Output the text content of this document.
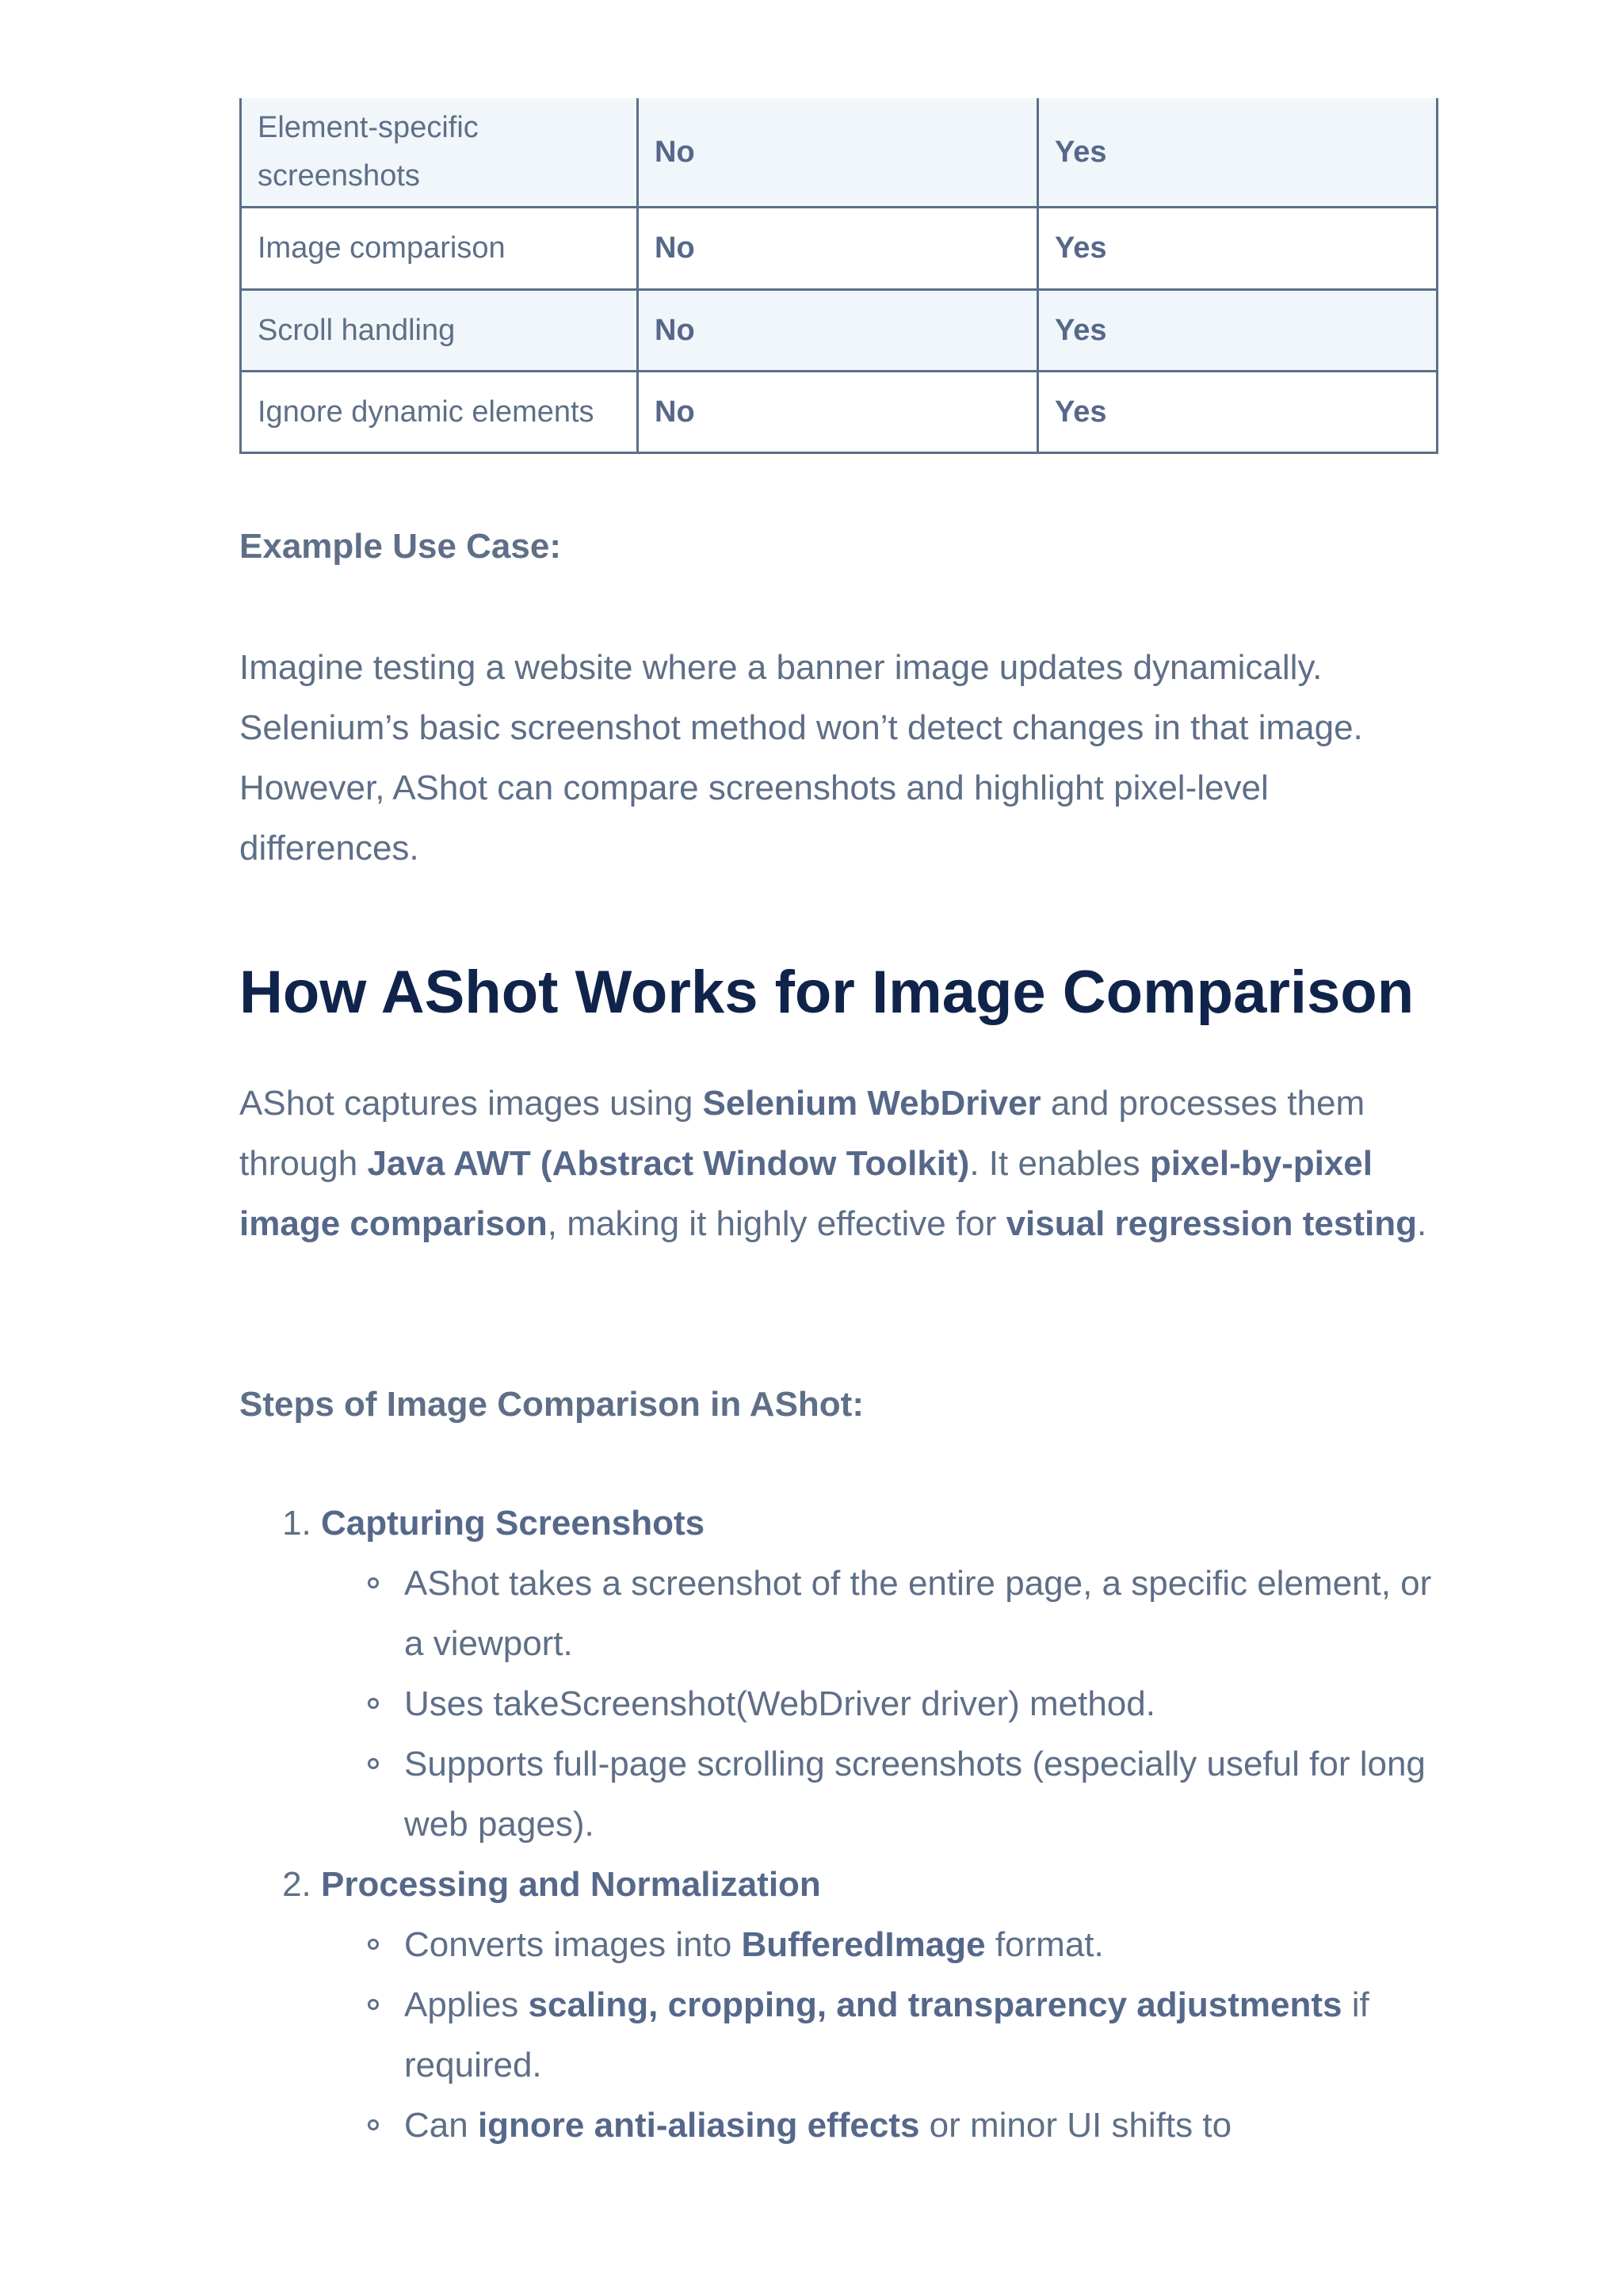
Element-specific screenshots	No	Yes
Image comparison	No	Yes
Scroll handling	No	Yes
Ignore dynamic elements	No	Yes
Example Use Case:
Imagine testing a website where a banner image updates dynamically. Selenium’s basic screenshot method won’t detect changes in that image. However, AShot can compare screenshots and highlight pixel-level differences.
How AShot Works for Image Comparison
AShot captures images using Selenium WebDriver and processes them through Java AWT (Abstract Window Toolkit). It enables pixel-by-pixel image comparison, making it highly effective for visual regression testing.
Steps of Image Comparison in AShot:
1. Capturing Screenshots
AShot takes a screenshot of the entire page, a specific element, or a viewport.
Uses takeScreenshot(WebDriver driver) method.
Supports full-page scrolling screenshots (especially useful for long web pages).
2. Processing and Normalization
Converts images into BufferedImage format.
Applies scaling, cropping, and transparency adjustments if required.
Can ignore anti-aliasing effects or minor UI shifts to
